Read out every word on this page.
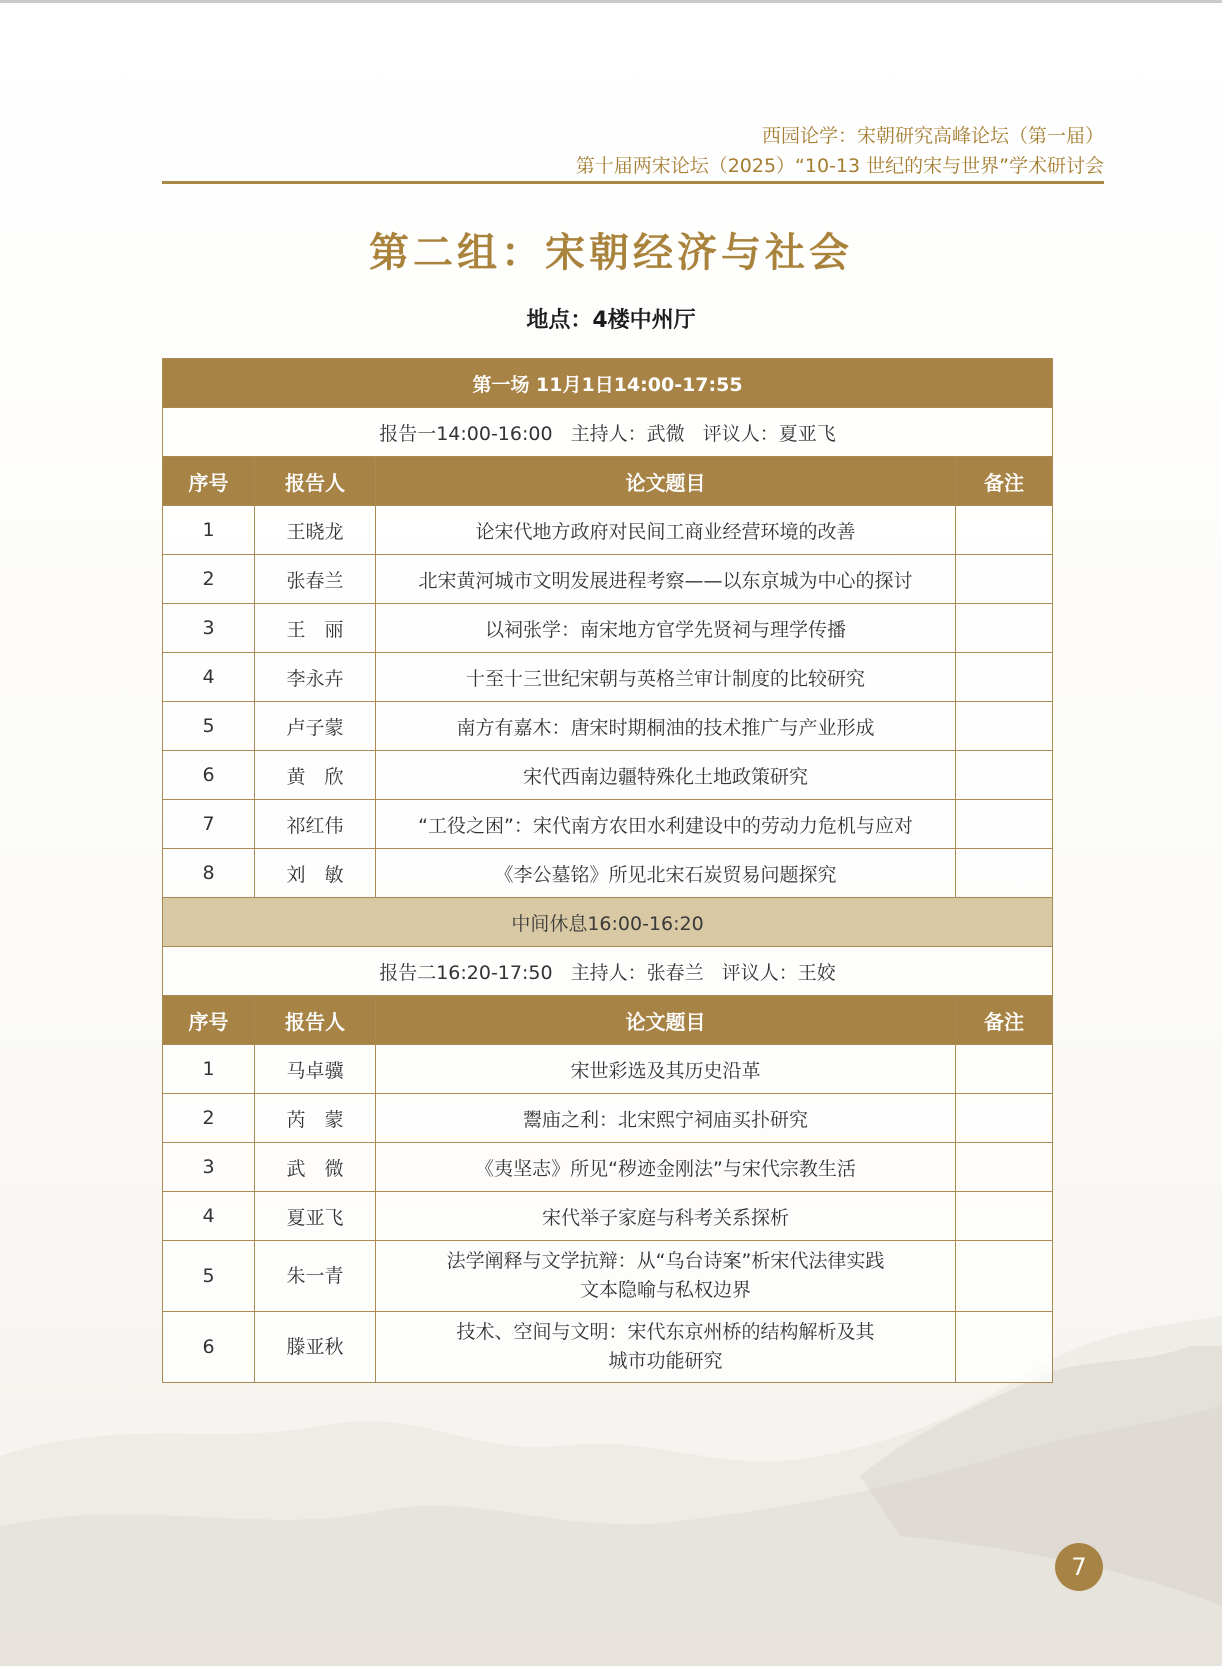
西园论学：宋朝研究高峰论坛（第一届）
第十届两宋论坛（2025）“10-13 世纪的宋与世界”学术研讨会
第二组：宋朝经济与社会
地点：4楼中州厅
第一场 11月1日14:00-17:55			
报告一14:00-16:00   主持人：武微   评议人：夏亚飞			
序号	报告人	论文题目	备注
1	王晓龙	论宋代地方政府对民间工商业经营环境的改善	
2	张春兰	北宋黄河城市文明发展进程考察——以东京城为中心的探讨	
3	王　丽	以祠张学：南宋地方官学先贤祠与理学传播	
4	李永卉	十至十三世纪宋朝与英格兰审计制度的比较研究	
5	卢子蒙	南方有嘉木：唐宋时期桐油的技术推广与产业形成	
6	黄　欣	宋代西南边疆特殊化土地政策研究	
7	祁红伟	“工役之困”：宋代南方农田水利建设中的劳动力危机与应对	
8	刘　敏	《李公墓铭》所见北宋石炭贸易问题探究	
中间休息16:00-16:20			
报告二16:20-17:50   主持人：张春兰   评议人：王姣			
序号	报告人	论文题目	备注
1	马卓骥	宋世彩选及其历史沿革	
2	芮　蒙	鬻庙之利：北宋熙宁祠庙买扑研究	
3	武　微	《夷坚志》所见“秽迹金刚法”与宋代宗教生活	
4	夏亚飞	宋代举子家庭与科考关系探析	
5	朱一青	法学阐释与文学抗辩：从“乌台诗案”析宋代法律实践
文本隐喻与私权边界	

6	滕亚秋	技术、空间与文明：宋代东京州桥的结构解析及其
城市功能研究	

7
